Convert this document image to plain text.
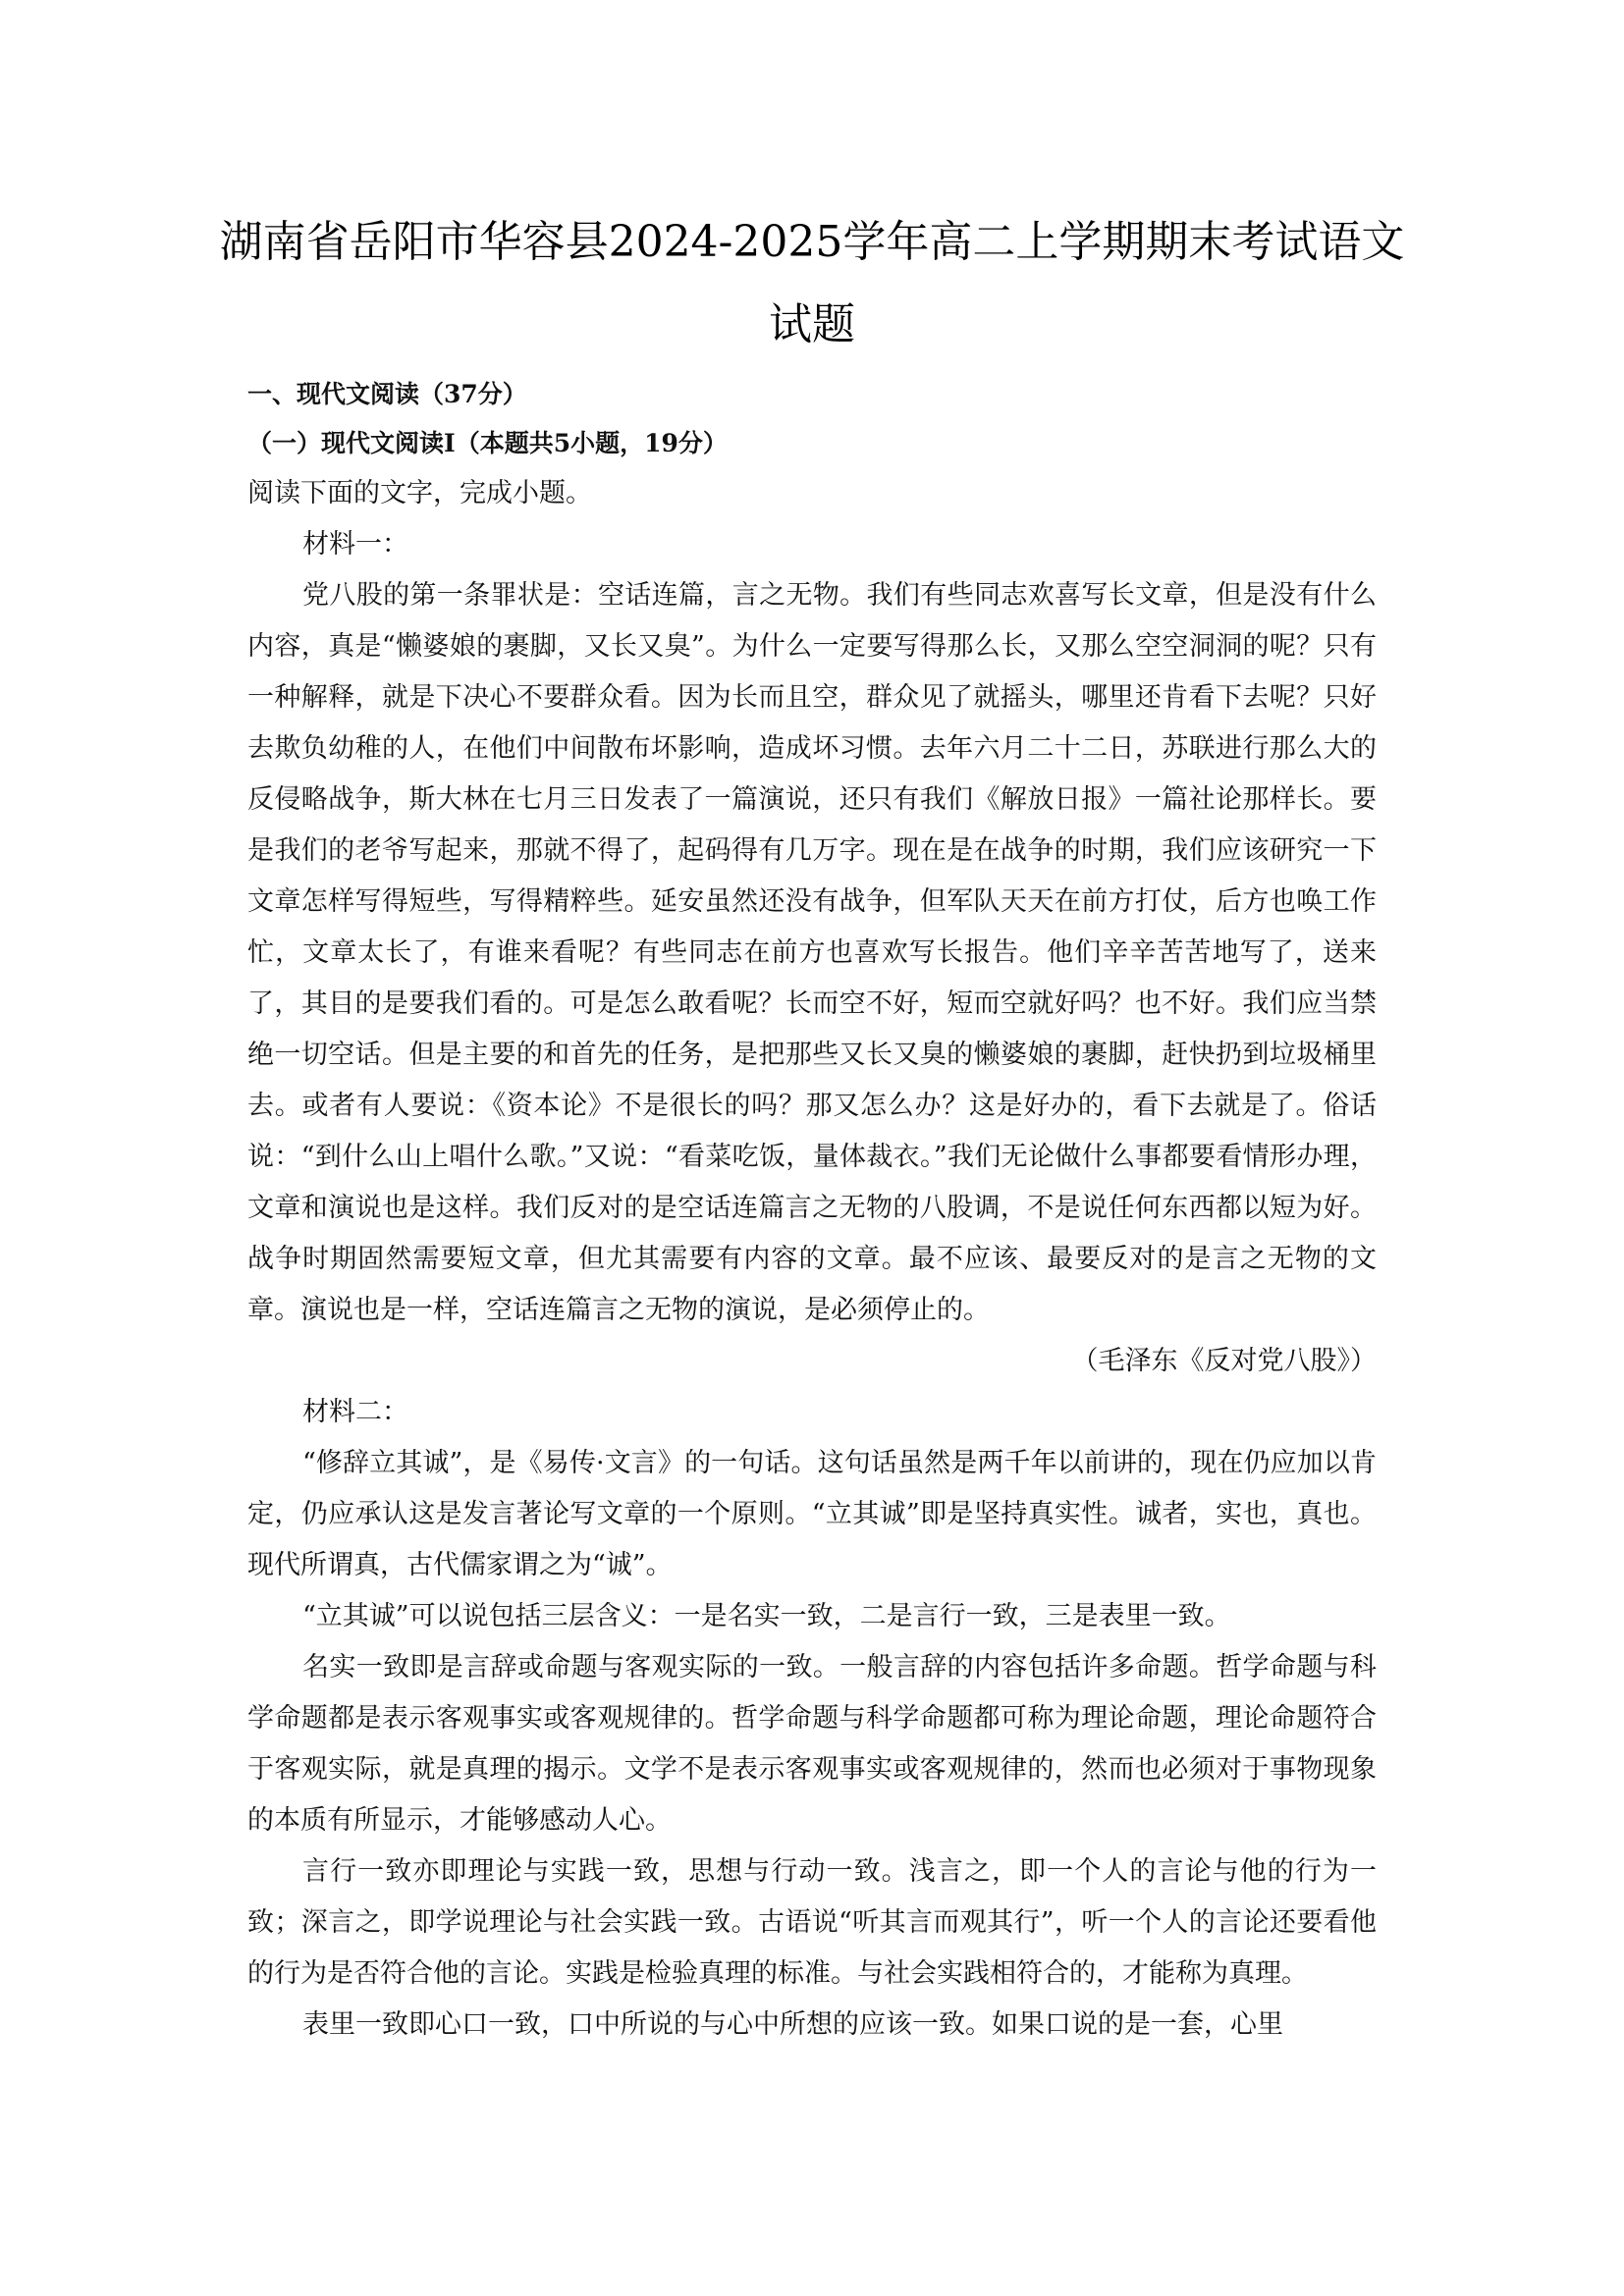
湖南省岳阳市华容县2024-2025学年高二上学期期末考试语文试题

一、现代文阅读（37分）

（一）现代文阅读Ⅰ（本题共5小题，19分）

阅读下面的文字，完成小题。

材料一：

党八股的第一条罪状是：空话连篇，言之无物。我们有些同志欢喜写长文章，但是没有什么内容，真是“懒婆娘的裹脚，又长又臭”。为什么一定要写得那么长，又那么空空洞洞的呢？只有一种解释，就是下决心不要群众看。因为长而且空，群众见了就摇头，哪里还肯看下去呢？只好去欺负幼稚的人，在他们中间散布坏影响，造成坏习惯。去年六月二十二日，苏联进行那么大的反侵略战争，斯大林在七月三日发表了一篇演说，还只有我们《解放日报》一篇社论那样长。要是我们的老爷写起来，那就不得了，起码得有几万字。现在是在战争的时期，我们应该研究一下文章怎样写得短些，写得精粹些。延安虽然还没有战争，但军队天天在前方打仗，后方也唤工作忙，文章太长了，有谁来看呢？有些同志在前方也喜欢写长报告。他们辛辛苦苦地写了，送来了，其目的是要我们看的。可是怎么敢看呢？长而空不好，短而空就好吗？也不好。我们应当禁绝一切空话。但是主要的和首先的任务，是把那些又长又臭的懒婆娘的裹脚，赶快扔到垃圾桶里去。或者有人要说：《资本论》不是很长的吗？那又怎么办？这是好办的，看下去就是了。俗话说：“到什么山上唱什么歌。”又说：“看菜吃饭，量体裁衣。”我们无论做什么事都要看情形办理，文章和演说也是这样。我们反对的是空话连篇言之无物的八股调，不是说任何东西都以短为好。战争时期固然需要短文章，但尤其需要有内容的文章。最不应该、最要反对的是言之无物的文章。演说也是一样，空话连篇言之无物的演说，是必须停止的。

（毛泽东《反对党八股》）

材料二：

“修辞立其诚”，是《易传·文言》的一句话。这句话虽然是两千年以前讲的，现在仍应加以肯定，仍应承认这是发言著论写文章的一个原则。“立其诚”即是坚持真实性。诚者，实也，真也。现代所谓真，古代儒家谓之为“诚”。

“立其诚”可以说包括三层含义：一是名实一致，二是言行一致，三是表里一致。

名实一致即是言辞或命题与客观实际的一致。一般言辞的内容包括许多命题。哲学命题与科学命题都是表示客观事实或客观规律的。哲学命题与科学命题都可称为理论命题，理论命题符合于客观实际，就是真理的揭示。文学不是表示客观事实或客观规律的，然而也必须对于事物现象的本质有所显示，才能够感动人心。

言行一致亦即理论与实践一致，思想与行动一致。浅言之，即一个人的言论与他的行为一致；深言之，即学说理论与社会实践一致。古语说“听其言而观其行”，听一个人的言论还要看他的行为是否符合他的言论。实践是检验真理的标准。与社会实践相符合的，才能称为真理。

表里一致即心口一致，口中所说的与心中所想的应该一致。如果口说的是一套，心里
